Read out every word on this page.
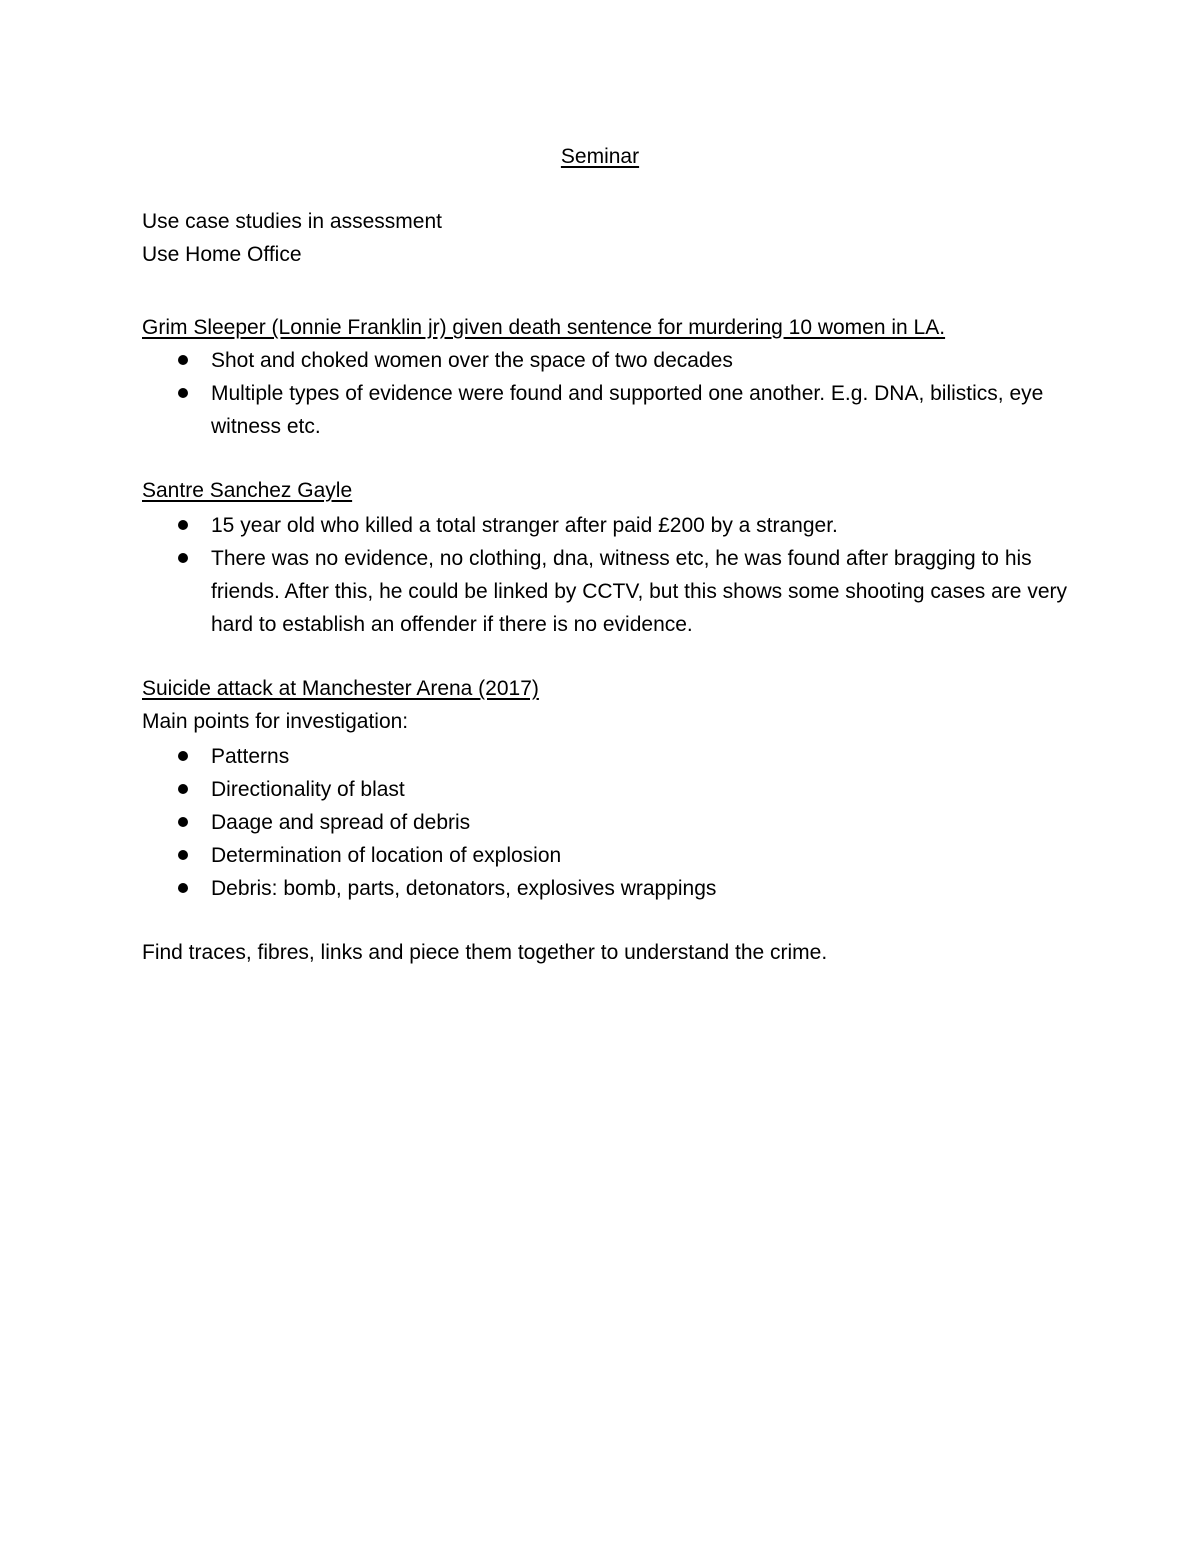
Seminar
Use case studies in assessment
Use Home Office
Grim Sleeper (Lonnie Franklin jr) given death sentence for murdering 10 women in LA.
Shot and choked women over the space of two decades
Multiple types of evidence were found and supported one another. E.g. DNA, bilistics, eye witness etc.
Santre Sanchez Gayle
15 year old who killed a total stranger after paid £200 by a stranger.
There was no evidence, no clothing, dna, witness etc, he was found after bragging to his friends. After this, he could be linked by CCTV, but this shows some shooting cases are very hard to establish an offender if there is no evidence.
Suicide attack at Manchester Arena (2017)
Main points for investigation:
Patterns
Directionality of blast
Daage and spread of debris
Determination of location of explosion
Debris: bomb, parts, detonators, explosives wrappings
Find traces, fibres, links and piece them together to understand the crime.
